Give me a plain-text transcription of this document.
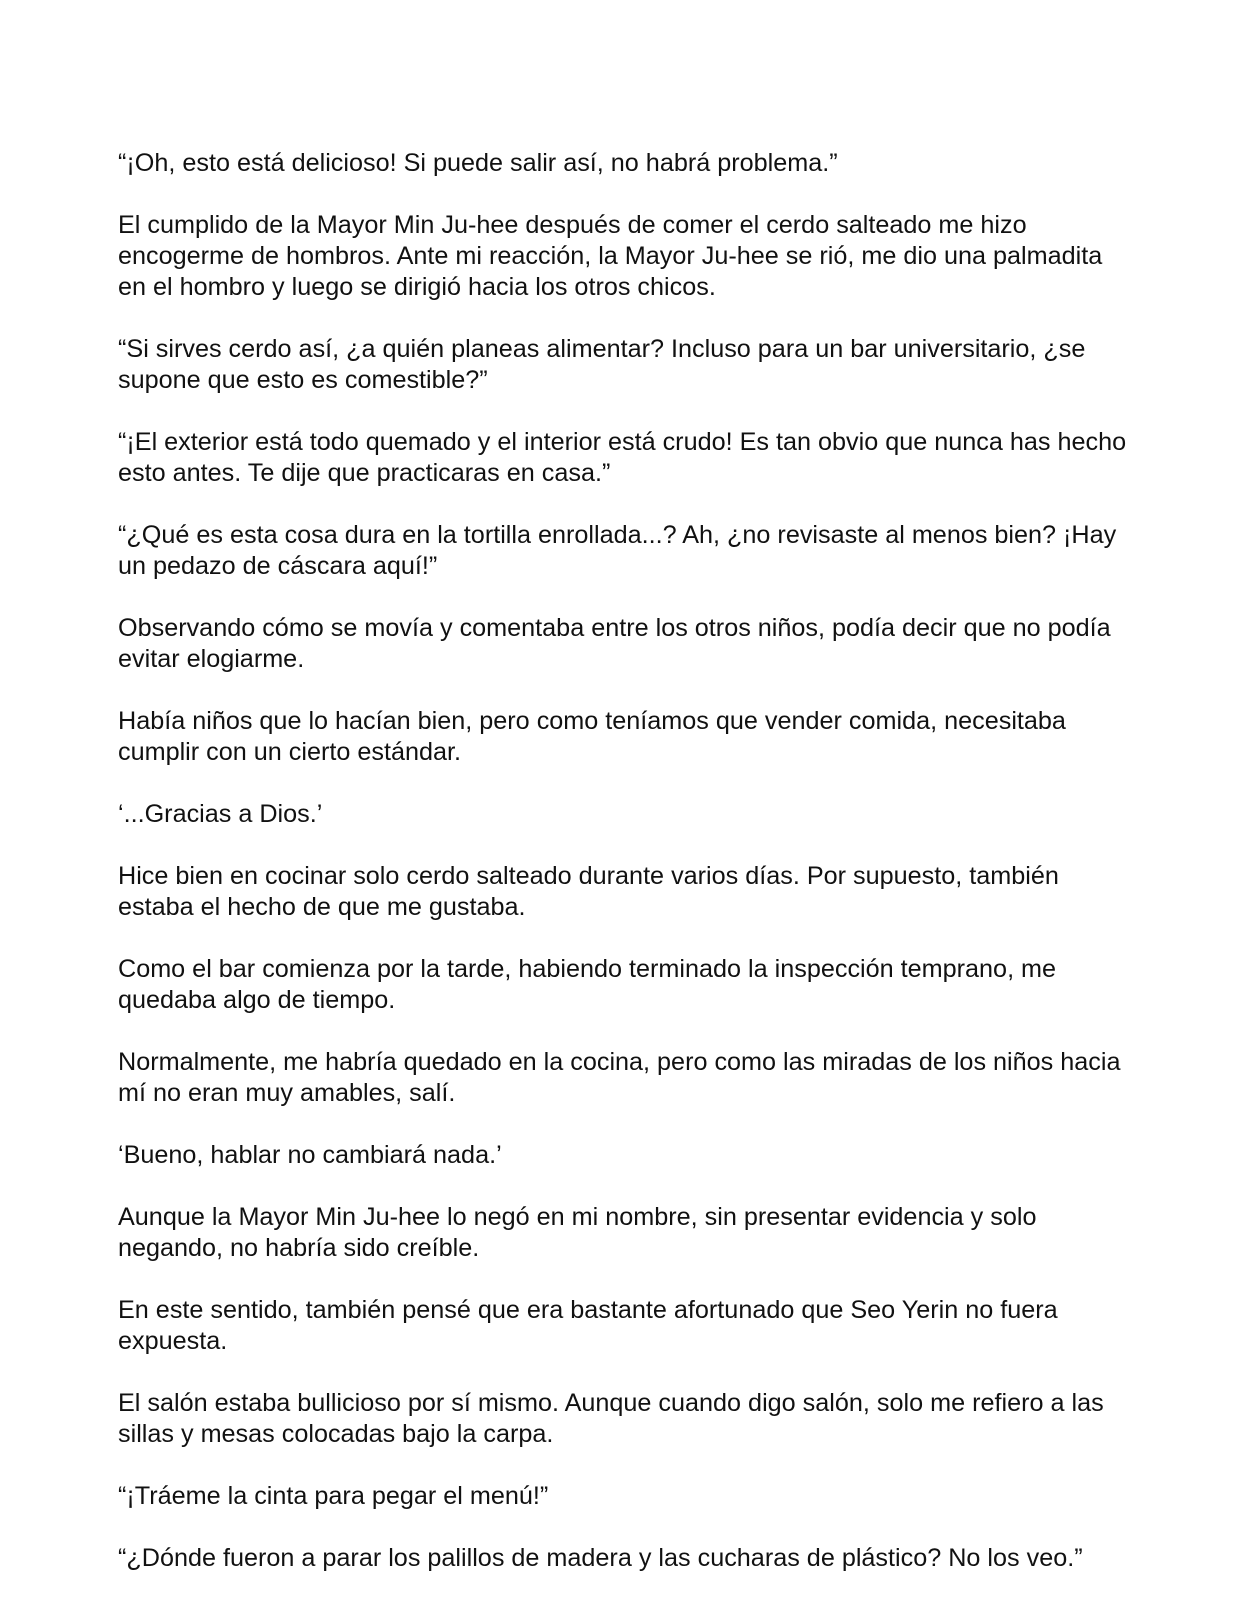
“¡Oh, esto está delicioso! Si puede salir así, no habrá problema.”

El cumplido de la Mayor Min Ju-hee después de comer el cerdo salteado me hizo encogerme de hombros. Ante mi reacción, la Mayor Ju-hee se rió, me dio una palmadita en el hombro y luego se dirigió hacia los otros chicos.

“Si sirves cerdo así, ¿a quién planeas alimentar? Incluso para un bar universitario, ¿se supone que esto es comestible?”

“¡El exterior está todo quemado y el interior está crudo! Es tan obvio que nunca has hecho esto antes. Te dije que practicaras en casa.”

“¿Qué es esta cosa dura en la tortilla enrollada...? Ah, ¿no revisaste al menos bien? ¡Hay un pedazo de cáscara aquí!”

Observando cómo se movía y comentaba entre los otros niños, podía decir que no podía evitar elogiarme.

Había niños que lo hacían bien, pero como teníamos que vender comida, necesitaba cumplir con un cierto estándar.

‘...Gracias a Dios.’

Hice bien en cocinar solo cerdo salteado durante varios días. Por supuesto, también estaba el hecho de que me gustaba.

Como el bar comienza por la tarde, habiendo terminado la inspección temprano, me quedaba algo de tiempo.

Normalmente, me habría quedado en la cocina, pero como las miradas de los niños hacia mí no eran muy amables, salí.

‘Bueno, hablar no cambiará nada.’

Aunque la Mayor Min Ju-hee lo negó en mi nombre, sin presentar evidencia y solo negando, no habría sido creíble.

En este sentido, también pensé que era bastante afortunado que Seo Yerin no fuera expuesta.

El salón estaba bullicioso por sí mismo. Aunque cuando digo salón, solo me refiero a las sillas y mesas colocadas bajo la carpa.

“¡Tráeme la cinta para pegar el menú!”

“¿Dónde fueron a parar los palillos de madera y las cucharas de plástico? No los veo.”
